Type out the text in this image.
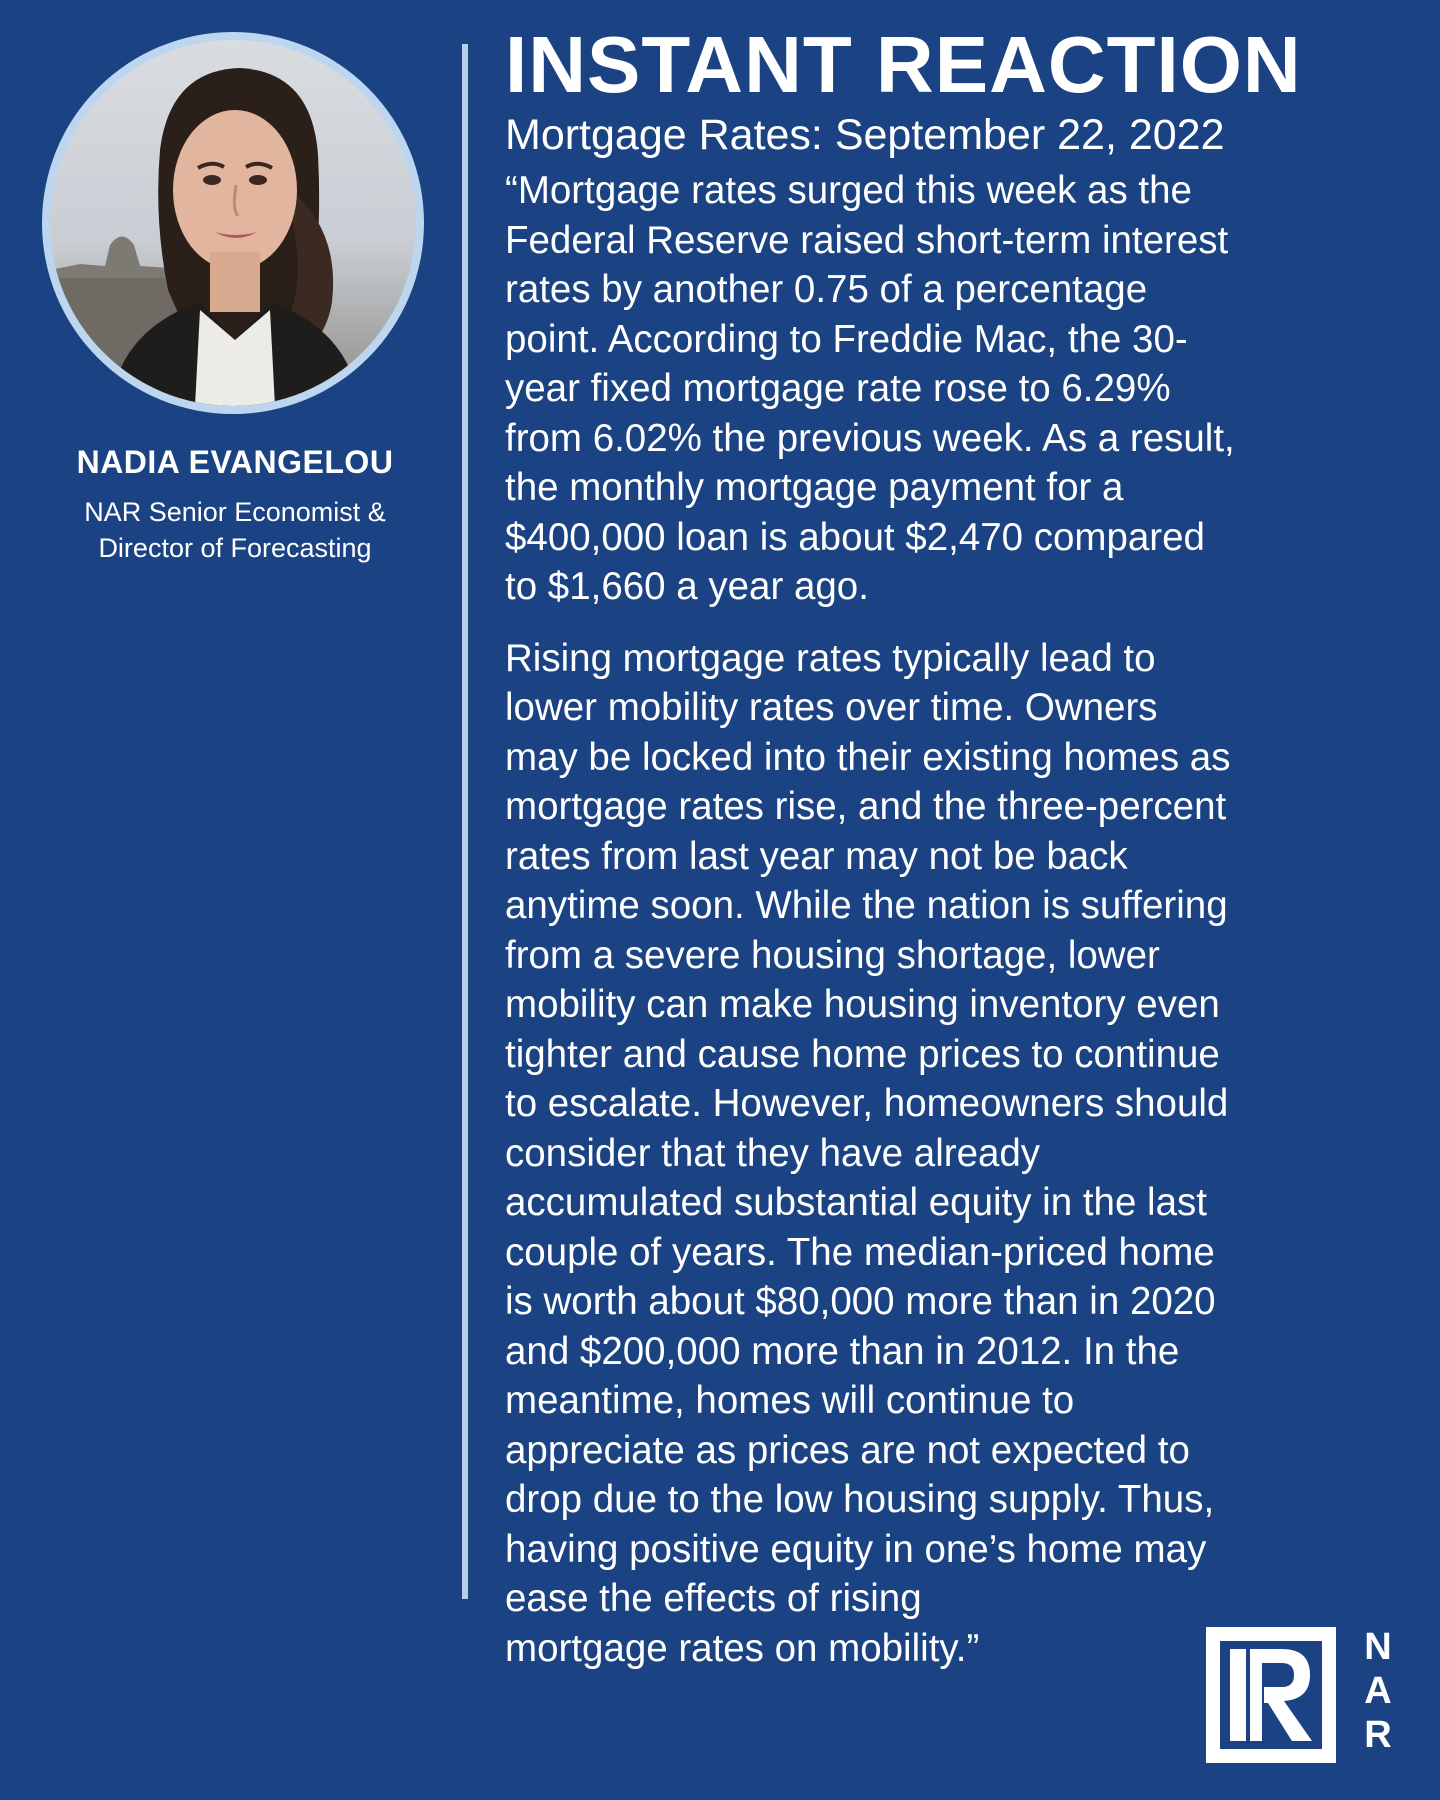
NADIA EVANGELOU
NAR Senior Economist &
Director of Forecasting
INSTANT REACTION
Mortgage Rates: September 22, 2022

“Mortgage rates surged this week as the
Federal Reserve raised short-term interest
rates by another 0.75 of a percentage
point. According to Freddie Mac, the 30-
year fixed mortgage rate rose to 6.29%
from 6.02% the previous week. As a result,
the monthly mortgage payment for a
$400,000 loan is about $2,470 compared
to $1,660 a year ago.

Rising mortgage rates typically lead to
lower mobility rates over time. Owners
may be locked into their existing homes as
mortgage rates rise, and the three-percent
rates from last year may not be back
anytime soon. While the nation is suffering
from a severe housing shortage, lower
mobility can make housing inventory even
tighter and cause home prices to continue
to escalate. However, homeowners should
consider that they have already
accumulated substantial equity in the last
couple of years. The median-priced home
is worth about $80,000 more than in 2020
and $200,000 more than in 2012. In the
meantime, homes will continue to
appreciate as prices are not expected to
drop due to the low housing supply. Thus,
having positive equity in one’s home may
ease the effects of rising
mortgage rates on mobility.”	N
A
R
